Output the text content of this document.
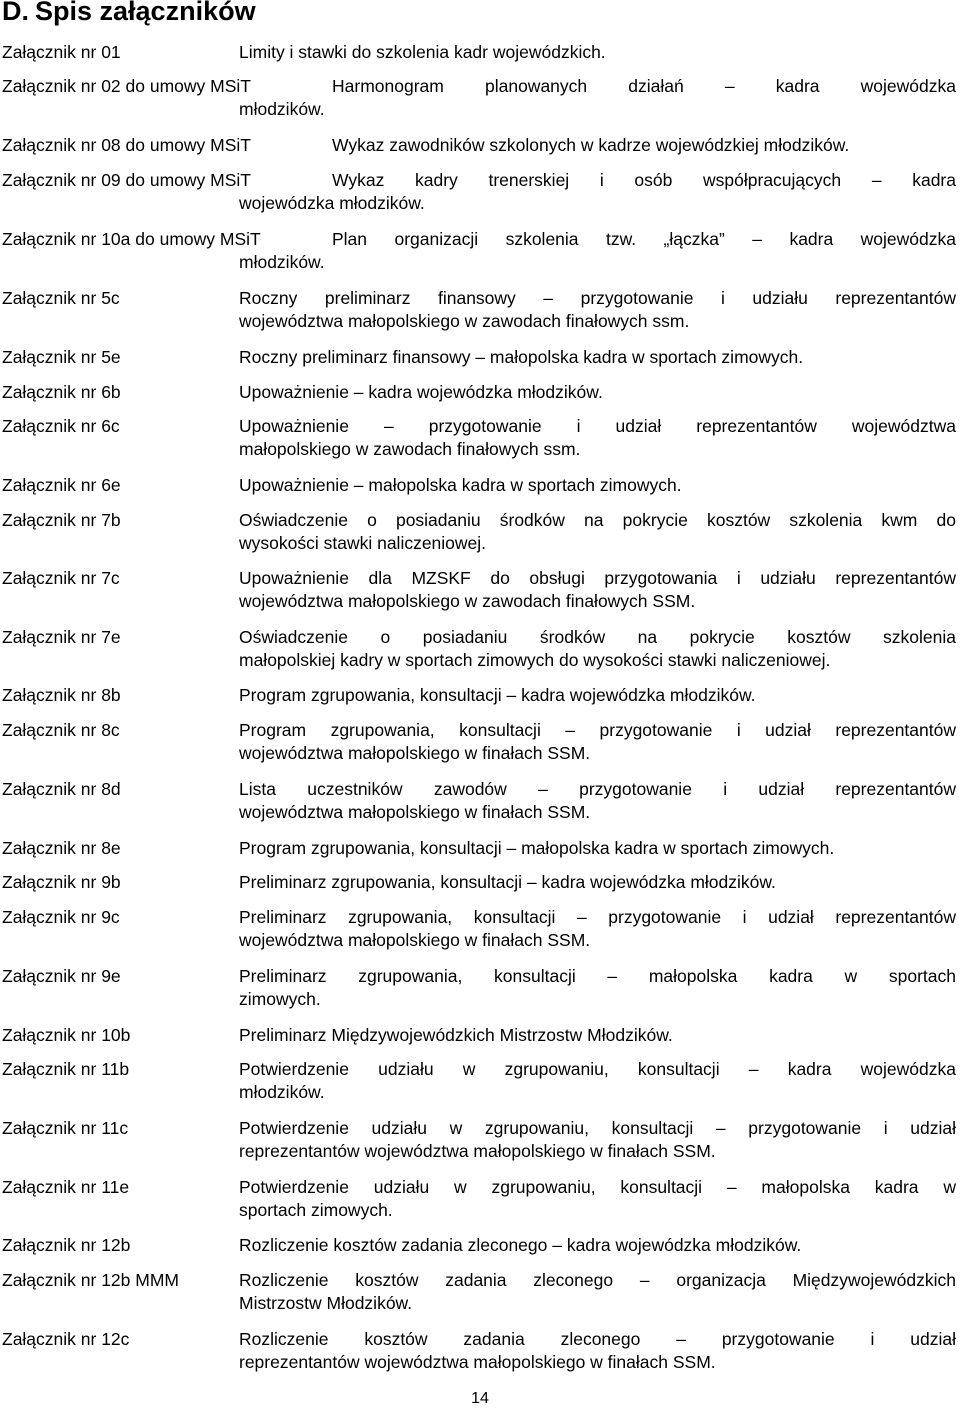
D. Spis załączników
Załącznik nr 01	Limity i stawki do szkolenia kadr wojewódzkich.
Załącznik nr 02 do umowy MSiT	Harmonogram planowanych działań – kadra wojewódzka
młodzików.
Załącznik nr 08 do umowy MSiT	Wykaz zawodników szkolonych w kadrze wojewódzkiej młodzików.
Załącznik nr 09 do umowy MSiT	Wykaz kadry trenerskiej i osób współpracujących – kadra
wojewódzka młodzików.
Załącznik nr 10a do umowy MSiT	Plan organizacji szkolenia tzw. „łączka” – kadra wojewódzka
młodzików.
Załącznik nr 5c	Roczny preliminarz finansowy – przygotowanie i udziału reprezentantów
województwa małopolskiego w zawodach finałowych ssm.
Załącznik nr 5e	Roczny preliminarz finansowy – małopolska kadra w sportach zimowych.
Załącznik nr 6b	Upoważnienie – kadra wojewódzka młodzików.
Załącznik nr 6c	Upoważnienie – przygotowanie i udział reprezentantów województwa
małopolskiego w zawodach finałowych ssm.
Załącznik nr 6e	Upoważnienie – małopolska kadra w sportach zimowych.
Załącznik nr 7b	Oświadczenie o posiadaniu środków na pokrycie kosztów szkolenia kwm do
wysokości stawki naliczeniowej.
Załącznik nr 7c	Upoważnienie dla MZSKF do obsługi przygotowania i udziału reprezentantów
województwa małopolskiego w zawodach finałowych SSM.
Załącznik nr 7e	Oświadczenie o posiadaniu środków na pokrycie kosztów szkolenia
małopolskiej kadry w sportach zimowych do wysokości stawki naliczeniowej.
Załącznik nr 8b	Program zgrupowania, konsultacji – kadra wojewódzka młodzików.
Załącznik nr 8c	Program zgrupowania, konsultacji – przygotowanie i udział reprezentantów
województwa małopolskiego w finałach SSM.
Załącznik nr 8d	Lista uczestników zawodów – przygotowanie i udział reprezentantów
województwa małopolskiego w finałach SSM.
Załącznik nr 8e	Program zgrupowania, konsultacji – małopolska kadra w sportach zimowych.
Załącznik nr 9b	Preliminarz zgrupowania, konsultacji – kadra wojewódzka młodzików.
Załącznik nr 9c	Preliminarz zgrupowania, konsultacji – przygotowanie i udział reprezentantów
województwa małopolskiego w finałach SSM.
Załącznik nr 9e	Preliminarz zgrupowania, konsultacji – małopolska kadra w sportach
zimowych.
Załącznik nr 10b	Preliminarz Międzywojewódzkich Mistrzostw Młodzików.
Załącznik nr 11b	Potwierdzenie udziału w zgrupowaniu, konsultacji – kadra wojewódzka
młodzików.
Załącznik nr 11c	Potwierdzenie udziału w zgrupowaniu, konsultacji – przygotowanie i udział
reprezentantów województwa małopolskiego w finałach SSM.
Załącznik nr 11e	Potwierdzenie udziału w zgrupowaniu, konsultacji – małopolska kadra w
sportach zimowych.
Załącznik nr 12b	Rozliczenie kosztów zadania zleconego – kadra wojewódzka młodzików.
Załącznik nr 12b MMM	Rozliczenie kosztów zadania zleconego – organizacja Międzywojewódzkich
Mistrzostw Młodzików.
Załącznik nr 12c	Rozliczenie kosztów zadania zleconego – przygotowanie i udział
reprezentantów województwa małopolskiego w finałach SSM.
14
